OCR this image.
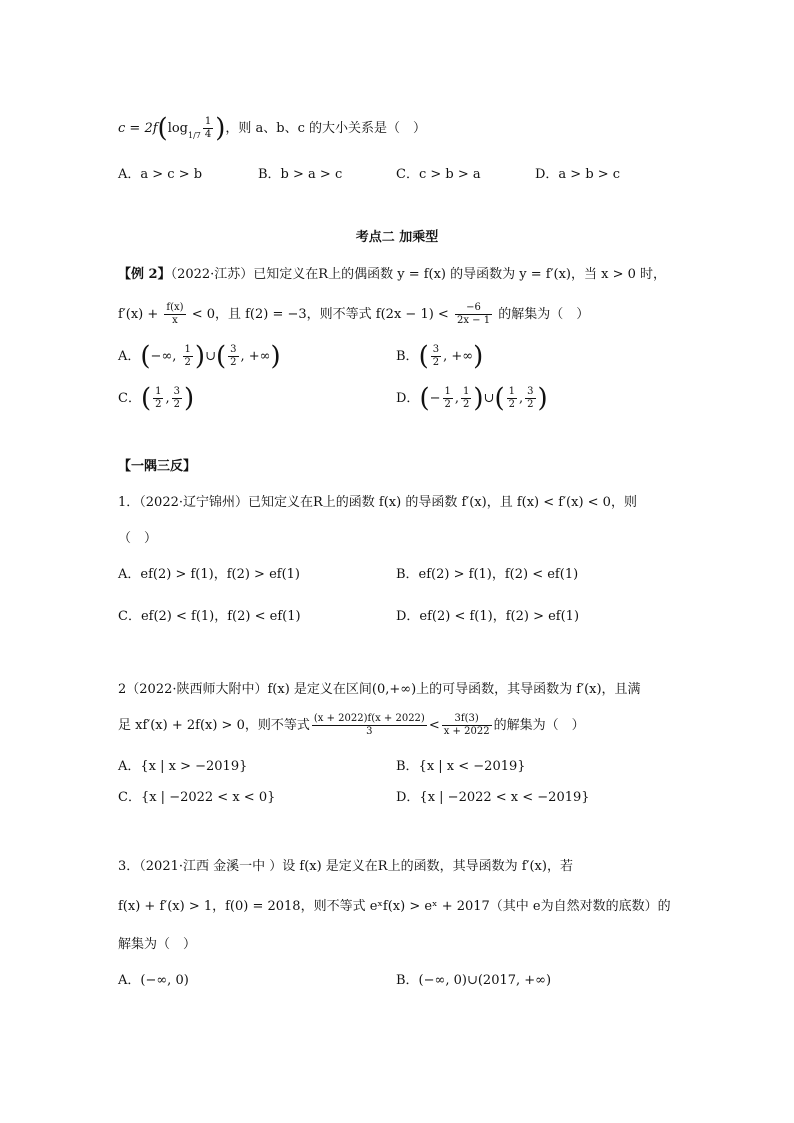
$c = 2f(\log_{1/7} \frac{1}{4}$ )，则 a、b、c 的大小关系是（　）
A．a > c > b	B．b > a > c	C．c > b > a	D．a > b > c
考点二 加乘型
【例 2】（2022·江苏）已知定义在R上的偶函数 y = f(x) 的导函数为 y = f′(x)，当 x > 0 时，
$f'(x) + \frac{f(x)}{x} < 0$，且 f(2) = −3，则不等式 $f(2x - 1) < \frac{-6}{2x - 1}$ 的解集为（　）
A．(−∞, $\frac{1}{2}$ )∪( $\frac{3}{2}$ , +∞)	B．( $\frac{3}{2}$ , +∞)
C．( $\frac{1}{2}$ , $\frac{3}{2}$ )	D．(− $\frac{1}{2}$ , $\frac{1}{2}$ )∪( $\frac{1}{2}$ , $\frac{3}{2}$ )
【一隅三反】
1．（2022·辽宁锦州）已知定义在R上的函数 f(x) 的导函数 f′(x)，且 f(x) < f′(x) < 0，则
（　）
A．ef(2) > f(1)，f(2) > ef(1)	B．ef(2) > f(1)，f(2) < ef(1)
C．ef(2) < f(1)，f(2) < ef(1)	D．ef(2) < f(1)，f(2) > ef(1)
2（2022·陕西师大附中）f(x) 是定义在区间(0,+∞)上的可导函数，其导函数为 f′(x)，且满
足 xf′(x) + 2f(x) > 0，则不等式 $\frac{(x + 2022)f(x + 2022)}{3} < \frac{3f(3)}{x + 2022}$ 的解集为（　）
A．{x | x > −2019}	B．{x | x < −2019}
C．{x | −2022 < x < 0}	D．{x | −2022 < x < −2019}
3．（2021·江西 金溪一中 ）设 f(x) 是定义在R上的函数，其导函数为 f′(x)，若
f(x) + f′(x) > 1，f(0) = 2018，则不等式 eˣf(x) > eˣ + 2017（其中 e为自然对数的底数）的
解集为（　）
A．(−∞, 0)	B．(−∞, 0)∪(2017, +∞)
